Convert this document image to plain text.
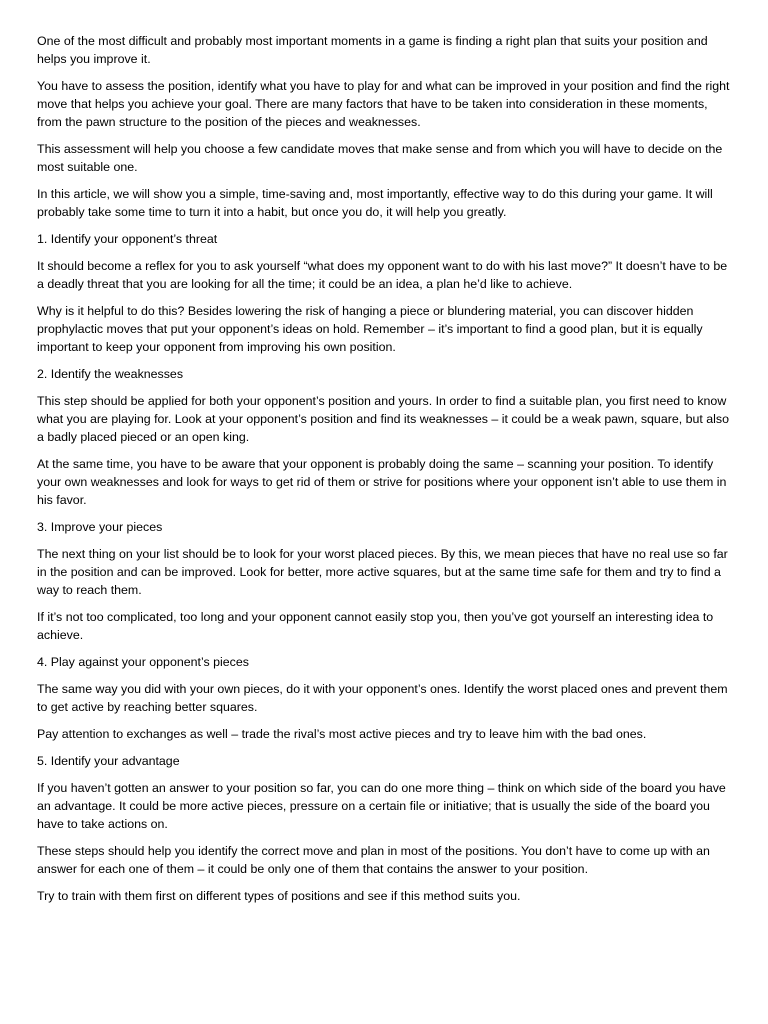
One of the most difficult and probably most important moments in a game is finding a right plan that suits your position and helps you improve it.

You have to assess the position, identify what you have to play for and what can be improved in your position and find the right move that helps you achieve your goal. There are many factors that have to be taken into consideration in these moments, from the pawn structure to the position of the pieces and weaknesses.

This assessment will help you choose a few candidate moves that make sense and from which you will have to decide on the most suitable one.

In this article, we will show you a simple, time-saving and, most importantly, effective way to do this during your game. It will probably take some time to turn it into a habit, but once you do, it will help you greatly.

1. Identify your opponent’s threat

It should become a reflex for you to ask yourself “what does my opponent want to do with his last move?” It doesn’t have to be a deadly threat that you are looking for all the time; it could be an idea, a plan he’d like to achieve.

Why is it helpful to do this? Besides lowering the risk of hanging a piece or blundering material, you can discover hidden prophylactic moves that put your opponent’s ideas on hold. Remember – it’s important to find a good plan, but it is equally important to keep your opponent from improving his own position.

2. Identify the weaknesses

This step should be applied for both your opponent’s position and yours. In order to find a suitable plan, you first need to know what you are playing for. Look at your opponent’s position and find its weaknesses – it could be a weak pawn, square, but also a badly placed pieced or an open king.

At the same time, you have to be aware that your opponent is probably doing the same – scanning your position. To identify your own weaknesses and look for ways to get rid of them or strive for positions where your opponent isn’t able to use them in his favor.

3. Improve your pieces

The next thing on your list should be to look for your worst placed pieces. By this, we mean pieces that have no real use so far in the position and can be improved. Look for better, more active squares, but at the same time safe for them and try to find a way to reach them.

If it’s not too complicated, too long and your opponent cannot easily stop you, then you’ve got yourself an interesting idea to achieve.

4. Play against your opponent’s pieces

The same way you did with your own pieces, do it with your opponent’s ones. Identify the worst placed ones and prevent them to get active by reaching better squares.

Pay attention to exchanges as well – trade the rival’s most active pieces and try to leave him with the bad ones.

5. Identify your advantage

If you haven’t gotten an answer to your position so far, you can do one more thing – think on which side of the board you have an advantage. It could be more active pieces, pressure on a certain file or initiative; that is usually the side of the board you have to take actions on.

These steps should help you identify the correct move and plan in most of the positions. You don’t have to come up with an answer for each one of them – it could be only one of them that contains the answer to your position.

Try to train with them first on different types of positions and see if this method suits you.
